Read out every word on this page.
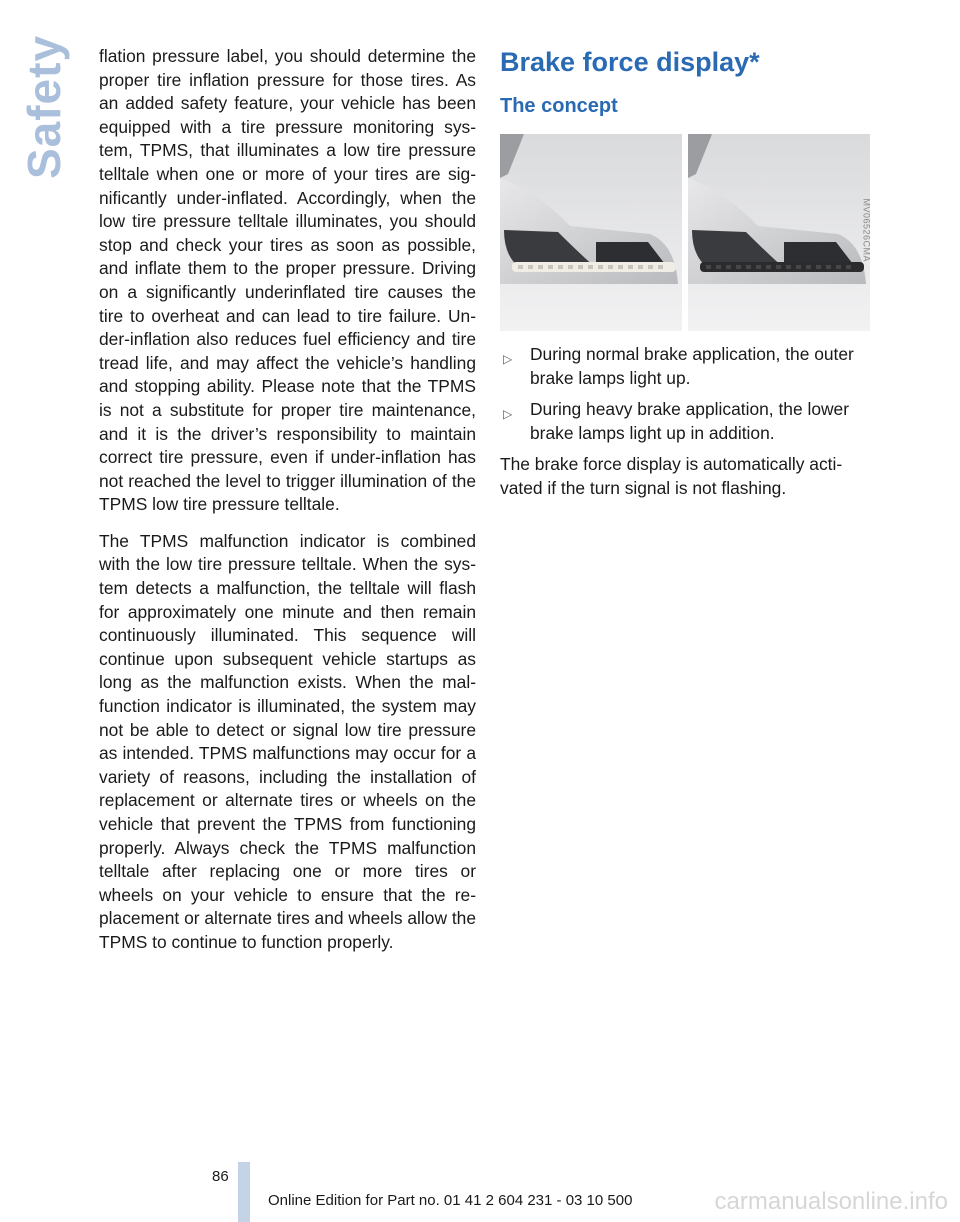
Safety flation pressure label, you should determine the proper tire inflation pressure for those tires. As an added safety feature, your vehicle has been equipped with a tire pressure monitoring sys‐tem, TPMS, that illuminates a low tire pressure telltale when one or more of your tires are sig‐nificantly under-inflated. Accordingly, when the low tire pressure telltale illuminates, you should stop and check your tires as soon as possible, and inflate them to the proper pressure. Driving on a significantly underinflated tire causes the tire to overheat and can lead to tire failure. Un‐der-inflation also reduces fuel efficiency and tire tread life, and may affect the vehicle’s handling and stopping ability. Please note that the TPMS is not a substitute for proper tire maintenance, and it is the driver’s responsibility to maintain correct tire pressure, even if under-inflation has not reached the level to trigger illumination of the TPMS low tire pressure telltale.

The TPMS malfunction indicator is combined with the low tire pressure telltale. When the sys‐tem detects a malfunction, the telltale will flash for approximately one minute and then remain continuously illuminated. This sequence will continue upon subsequent vehicle startups as long as the malfunction exists. When the mal‐function indicator is illuminated, the system may not be able to detect or signal low tire pressure as intended. TPMS malfunctions may occur for a variety of reasons, including the installation of replacement or alternate tires or wheels on the vehicle that prevent the TPMS from functioning properly. Always check the TPMS malfunction telltale after replacing one or more tires or wheels on your vehicle to ensure that the re‐placement or alternate tires and wheels allow the TPMS to continue to function properly.

Brake force display*
The concept
MV06526CMA
▷ During normal brake application, the outer brake lamps light up.
▷ During heavy brake application, the lower brake lamps light up in addition.

The brake force display is automatically acti‐vated if the turn signal is not flashing.

86
Online Edition for Part no. 01 41 2 604 231 - 03 10 500	carmanualsonline.info
